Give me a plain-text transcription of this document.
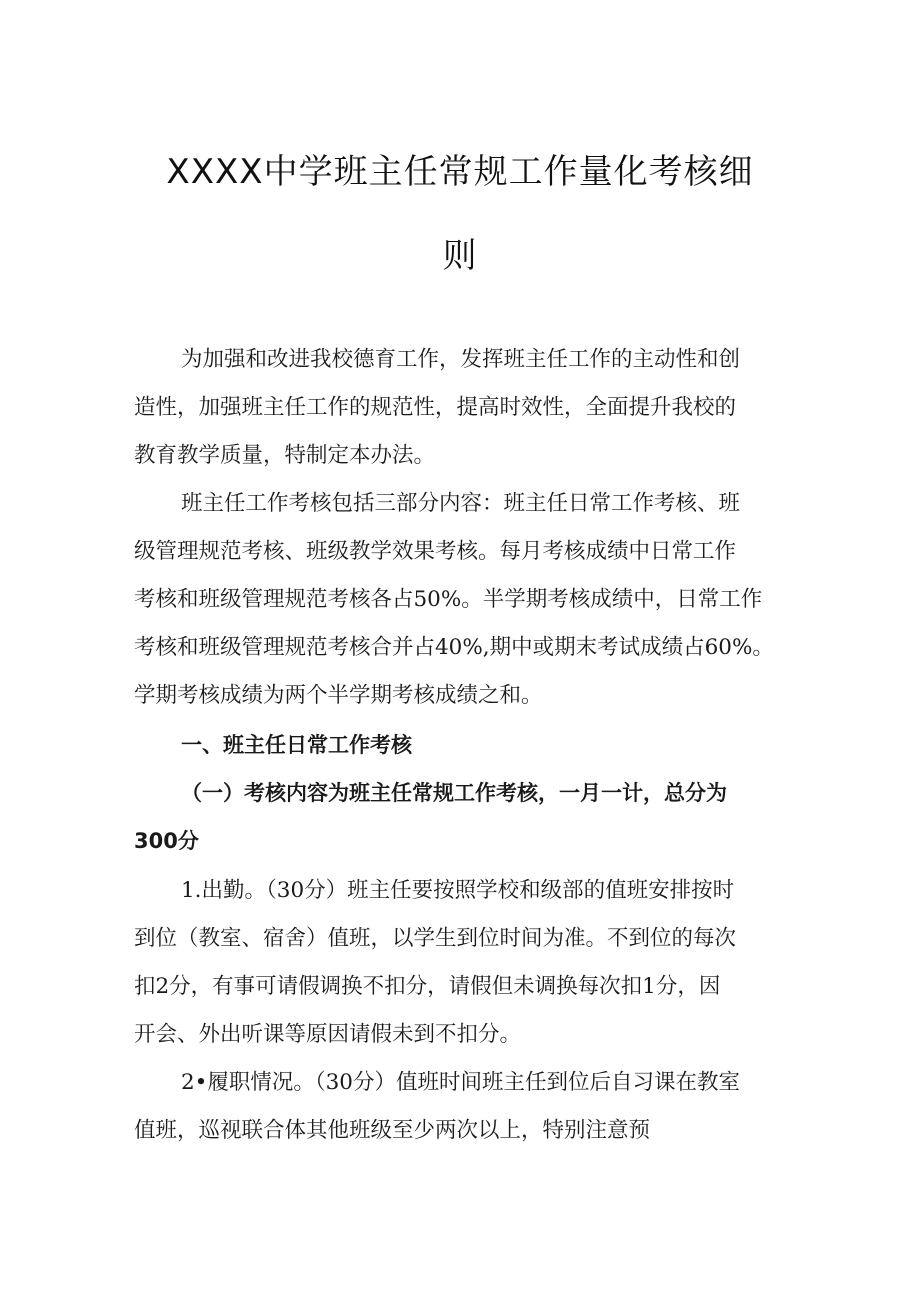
XXXX中学班主任常规工作量化考核细
则
为加强和改进我校德育工作，发挥班主任工作的主动性和创
造性，加强班主任工作的规范性，提高时效性，全面提升我校的
教育教学质量，特制定本办法。
班主任工作考核包括三部分内容：班主任日常工作考核、班
级管理规范考核、班级教学效果考核。每月考核成绩中日常工作
考核和班级管理规范考核各占50%。半学期考核成绩中，日常工作
考核和班级管理规范考核合并占40%,期中或期末考试成绩占60%。
学期考核成绩为两个半学期考核成绩之和。
一、班主任日常工作考核
（一）考核内容为班主任常规工作考核，一月一计，总分为
300分
1.出勤。（30分）班主任要按照学校和级部的值班安排按时
到位（教室、宿舍）值班，以学生到位时间为准。不到位的每次
扣2分，有事可请假调换不扣分，请假但未调换每次扣1分，因
开会、外出听课等原因请假未到不扣分。
2•履职情况。（30分）值班时间班主任到位后自习课在教室
值班，巡视联合体其他班级至少两次以上，特别注意预
